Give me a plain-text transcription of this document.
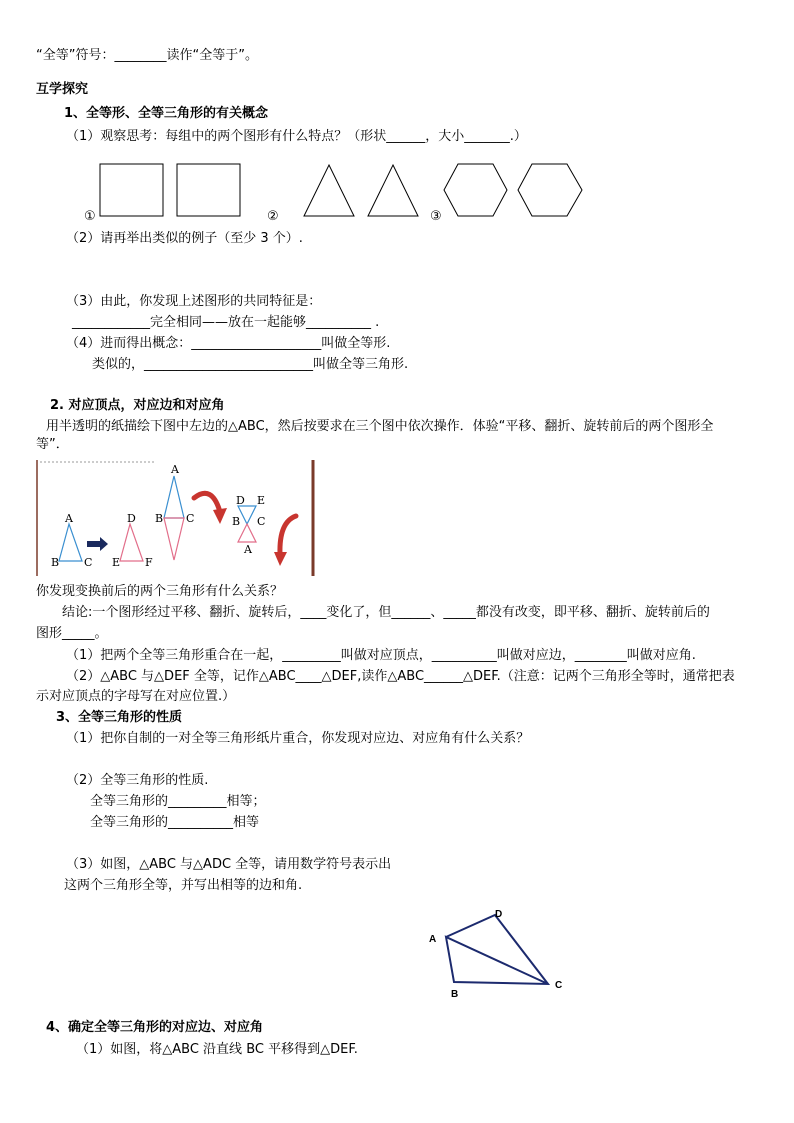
“全等”符号：________读作“全等于”。
互学探究
1、全等形、全等三角形的有关概念
（1）观察思考：每组中的两个图形有什么特点？（形状______，大小_______.）
①	②	③
（2）请再举出类似的例子（至少 3 个）.
（3）由此，你发现上述图形的共同特征是：
____________完全相同——放在一起能够__________ .
（4）进而得出概念：____________________叫做全等形.
类似的，__________________________叫做全等三角形.
2. 对应顶点，对应边和对应角
用半透明的纸描绘下图中左边的△ABC，然后按要求在三个图中依次操作．体验“平移、翻折、旋转前后的两个图形全
等”．
A
B C
D
E F
A
B C
D
B
E
C
A
你发现变换前后的两个三角形有什么关系？
结论:一个图形经过平移、翻折、旋转后，____变化了，但______、_____都没有改变，即平移、翻折、旋转前后的
图形_____。
（1）把两个全等三角形重合在一起，_________叫做对应顶点，__________叫做对应边，________叫做对应角.
（2）△ABC 与△DEF 全等，记作△ABC____△DEF,读作△ABC______△DEF.（注意：记两个三角形全等时，通常把表
示对应顶点的字母写在对应位置.）
3、全等三角形的性质
（1）把你自制的一对全等三角形纸片重合，你发现对应边、对应角有什么关系？
（2）全等三角形的性质.
全等三角形的_________相等；
全等三角形的__________相等
（3）如图，△ABC 与△ADC 全等，请用数学符号表示出
这两个三角形全等，并写出相等的边和角.
A
B
C
D
4、确定全等三角形的对应边、对应角
（1）如图，将△ABC 沿直线 BC 平移得到△DEF.
